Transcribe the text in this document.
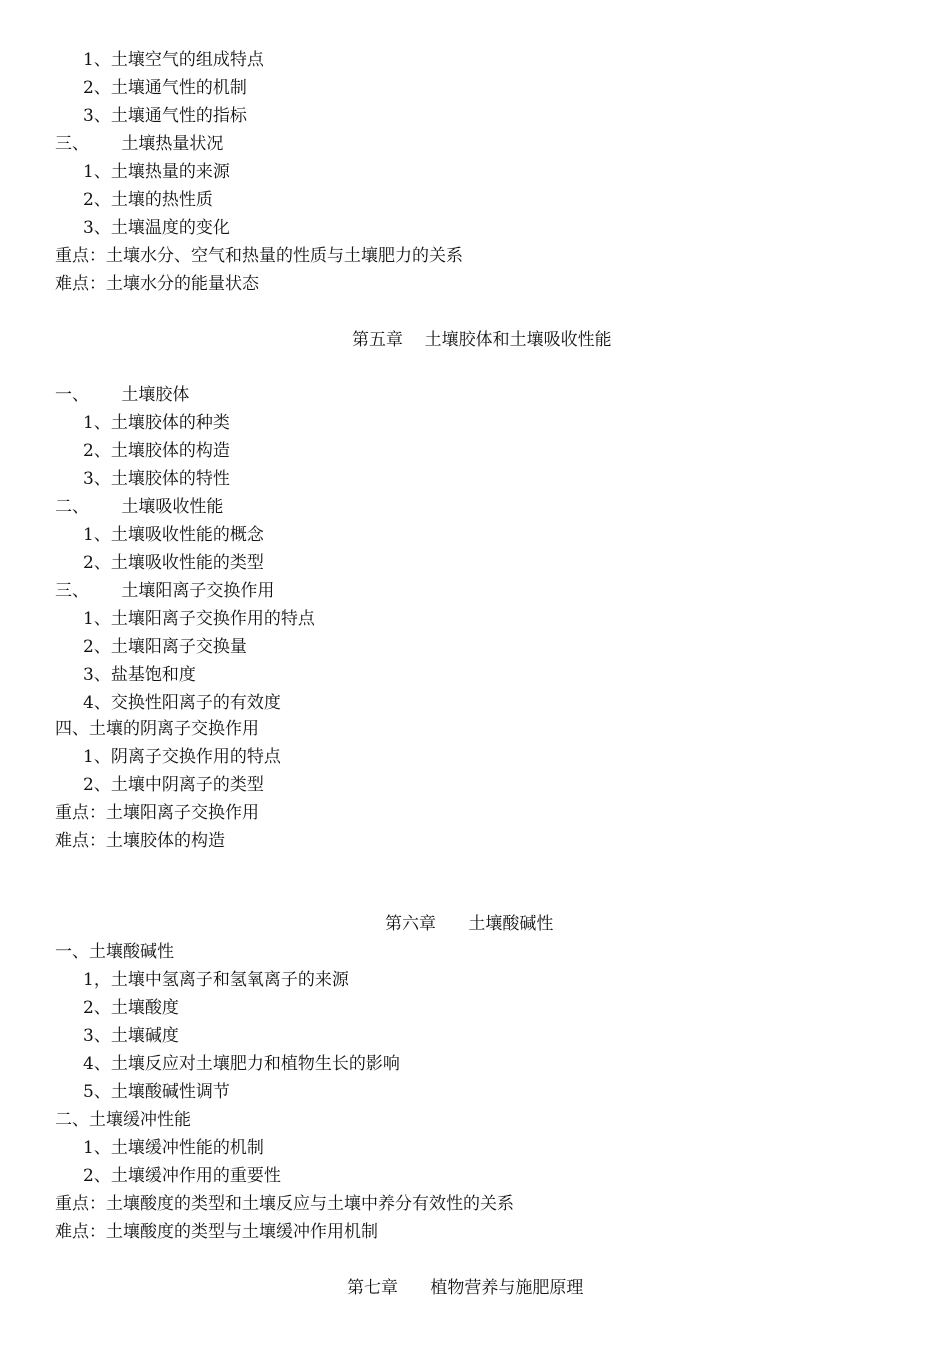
1、土壤空气的组成特点
2、土壤通气性的机制
3、土壤通气性的指标
三、      土壤热量状况
1、土壤热量的来源
2、土壤的热性质
3、土壤温度的变化
重点：土壤水分、空气和热量的性质与土壤肥力的关系
难点：土壤水分的能量状态
第五章    土壤胶体和土壤吸收性能
一、      土壤胶体
1、土壤胶体的种类
2、土壤胶体的构造
3、土壤胶体的特性
二、      土壤吸收性能
1、土壤吸收性能的概念
2、土壤吸收性能的类型
三、      土壤阳离子交换作用
1、土壤阳离子交换作用的特点
2、土壤阳离子交换量
3、盐基饱和度
4、交换性阳离子的有效度
四、土壤的阴离子交换作用
1、阴离子交换作用的特点
2、土壤中阴离子的类型
重点：土壤阳离子交换作用
难点：土壤胶体的构造
第六章      土壤酸碱性
一、土壤酸碱性
1，土壤中氢离子和氢氧离子的来源
2、土壤酸度
3、土壤碱度
4、土壤反应对土壤肥力和植物生长的影响
5、土壤酸碱性调节
二、土壤缓冲性能
1、土壤缓冲性能的机制
2、土壤缓冲作用的重要性
重点：土壤酸度的类型和土壤反应与土壤中养分有效性的关系
难点：土壤酸度的类型与土壤缓冲作用机制
第七章      植物营养与施肥原理
